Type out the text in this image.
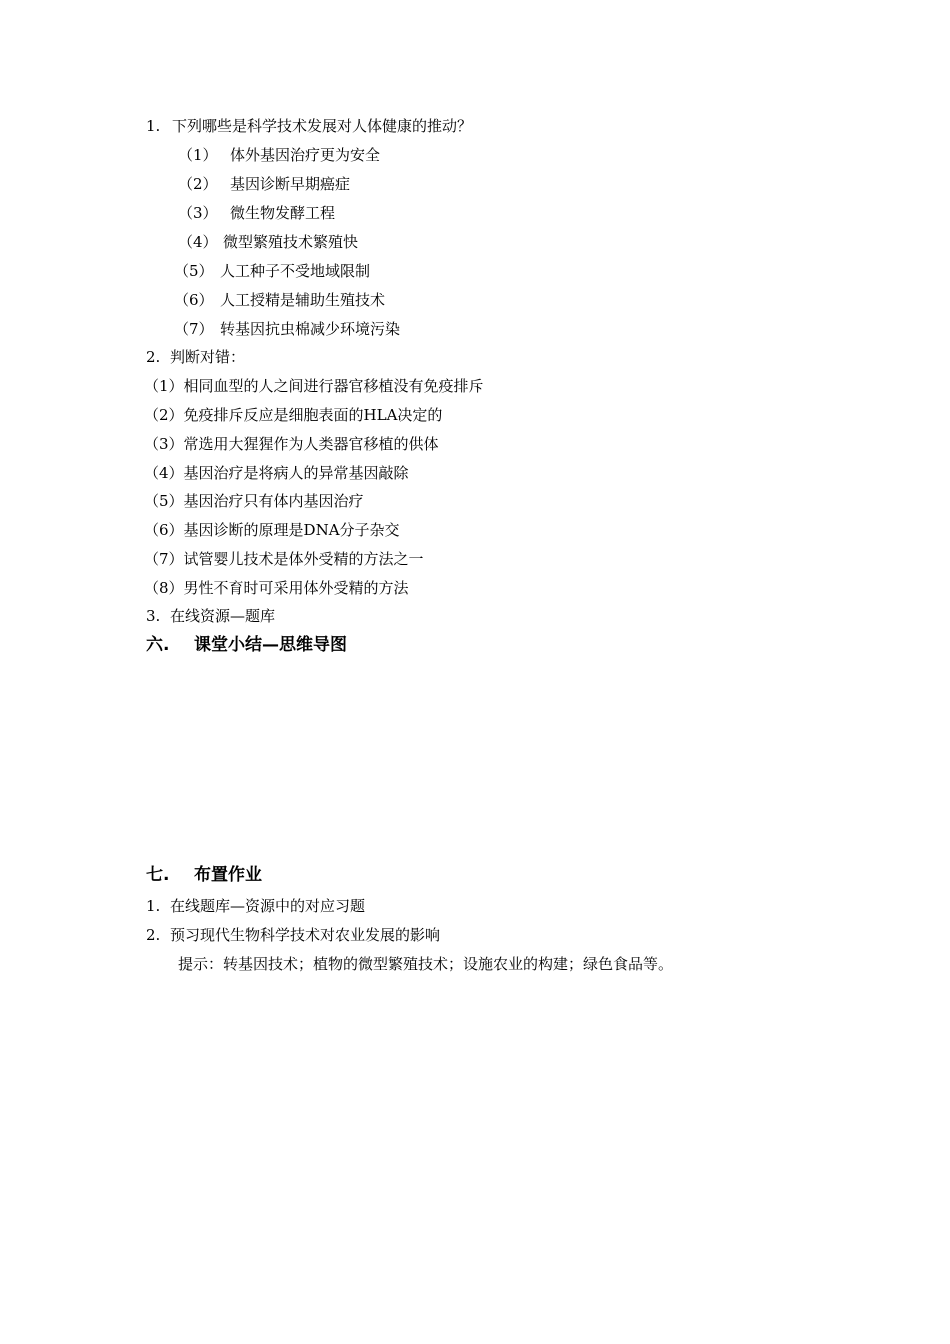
1. 下列哪些是科学技术发展对人体健康的推动？
（1） 体外基因治疗更为安全
（2） 基因诊断早期癌症
（3） 微生物发酵工程
（4） 微型繁殖技术繁殖快
（5） 人工种子不受地域限制
（6） 人工授精是辅助生殖技术
（7） 转基因抗虫棉减少环境污染
2. 判断对错：
（1）相同血型的人之间进行器官移植没有免疫排斥
（2）免疫排斥反应是细胞表面的HLA决定的
（3）常选用大猩猩作为人类器官移植的供体
（4）基因治疗是将病人的异常基因敲除
（5）基因治疗只有体内基因治疗
（6）基因诊断的原理是DNA分子杂交
（7）试管婴儿技术是体外受精的方法之一
（8）男性不育时可采用体外受精的方法
3. 在线资源—题库
六. 课堂小结—思维导图
七. 布置作业
1. 在线题库—资源中的对应习题
2. 预习现代生物科学技术对农业发展的影响
提示：转基因技术；植物的微型繁殖技术；设施农业的构建；绿色食品等。
